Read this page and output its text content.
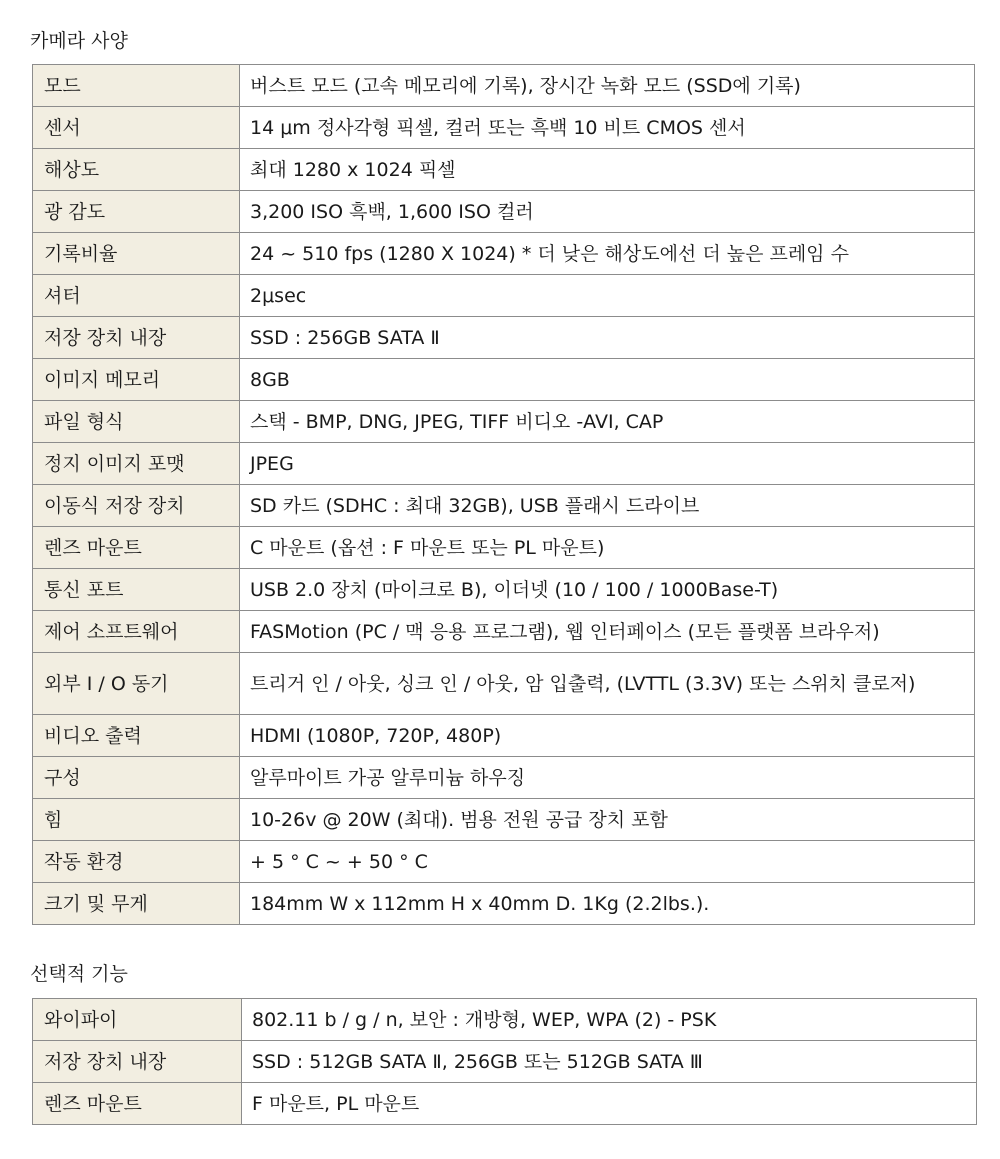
카메라 사양
모드	버스트 모드 (고속 메모리에 기록), 장시간 녹화 모드 (SSD에 기록)
센서	14 μm 정사각형 픽셀, 컬러 또는 흑백 10 비트 CMOS 센서
해상도	최대 1280 x 1024 픽셀
광 감도	3,200 ISO 흑백, 1,600 ISO 컬러
기록비율	24 ~ 510 fps (1280 X 1024) * 더 낮은 해상도에선 더 높은 프레임 수
셔터	2μsec
저장 장치 내장	SSD : 256GB SATA Ⅱ
이미지 메모리	8GB
파일 형식	스택 - BMP, DNG, JPEG, TIFF 비디오 -AVI, CAP
정지 이미지 포맷	JPEG
이동식 저장 장치	SD 카드 (SDHC : 최대 32GB), USB 플래시 드라이브
렌즈 마운트	C 마운트 (옵션 : F 마운트 또는 PL 마운트)
통신 포트	USB 2.0 장치 (마이크로 B), 이더넷 (10 / 100 / 1000Base-T)
제어 소프트웨어	FASMotion (PC / 맥 응용 프로그램), 웹 인터페이스 (모든 플랫폼 브라우저)
외부 I / O 동기	트리거 인 / 아웃, 싱크 인 / 아웃, 암 입출력, (LVTTL (3.3V) 또는 스위치 클로저)
비디오 출력	HDMI (1080P, 720P, 480P)
구성	알루마이트 가공 알루미늄 하우징
힘	10-26v @ 20W (최대). 범용 전원 공급 장치 포함
작동 환경	+ 5 ° C ~ + 50 ° C
크기 및 무게	184mm W x 112mm H x 40mm D. 1Kg (2.2lbs.).
선택적 기능
와이파이	802.11 b / g / n, 보안 : 개방형, WEP, WPA (2) - PSK
저장 장치 내장	SSD : 512GB SATA Ⅱ, 256GB 또는 512GB SATA Ⅲ
렌즈 마운트	F 마운트, PL 마운트
